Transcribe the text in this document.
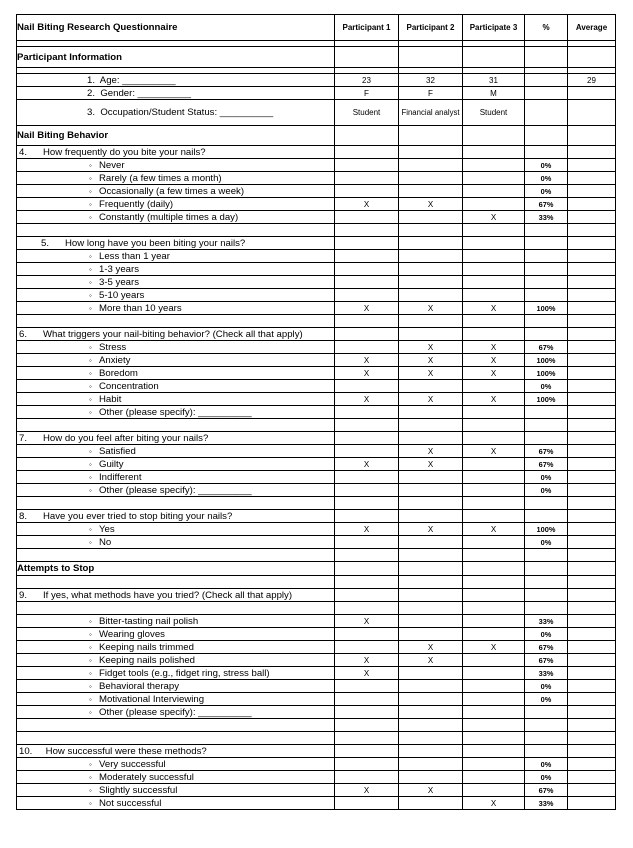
Nail Biting Research Questionnaire	Participant 1	Participant 2	Participate 3	%	Average

Participant Information					

1.  Age: __________	23	32	31		29
2.  Gender: __________	F	F	M		
3.  Occupation/Student Status: __________	Student	Financial analyst	Student		
Nail Biting Behavior					
4.      How frequently do you bite your nails?					
◦ Never				0%	
◦ Rarely (a few times a month)				0%	
◦ Occasionally (a few times a week)				0%	
◦ Frequently (daily)	X	X		67%	
◦ Constantly (multiple times a day)			X	33%	

5.      How long have you been biting your nails?					
◦ Less than 1 year					
◦ 1-3 years					
◦ 3-5 years					
◦ 5-10 years					
◦ More than 10 years	X	X	X	100%	

6.      What triggers your nail-biting behavior? (Check all that apply)					
◦ Stress		X	X	67%	
◦ Anxiety	X	X	X	100%	
◦ Boredom	X	X	X	100%	
◦ Concentration				0%	
◦ Habit	X	X	X	100%	
◦ Other (please specify): __________					

7.      How do you feel after biting your nails?					
◦ Satisfied		X	X	67%	
◦ Guilty	X	X		67%	
◦ Indifferent				0%	
◦ Other (please specify): __________				0%	

8.      Have you ever tried to stop biting your nails?					
◦ Yes	X	X	X	100%	
◦ No				0%	

Attempts to Stop					

9.      If yes, what methods have you tried? (Check all that apply)					

◦ Bitter-tasting nail polish	X			33%	
◦ Wearing gloves				0%	
◦ Keeping nails trimmed		X	X	67%	
◦ Keeping nails polished	X	X		67%	
◦ Fidget tools (e.g., fidget ring, stress ball)	X			33%	
◦ Behavioral therapy				0%	
◦ Motivational Interviewing				0%	
◦ Other (please specify): __________					

10.     How successful were these methods?					
◦ Very successful				0%	
◦ Moderately successful				0%	
◦ Slightly successful	X	X		67%	
◦ Not successful			X	33%	
